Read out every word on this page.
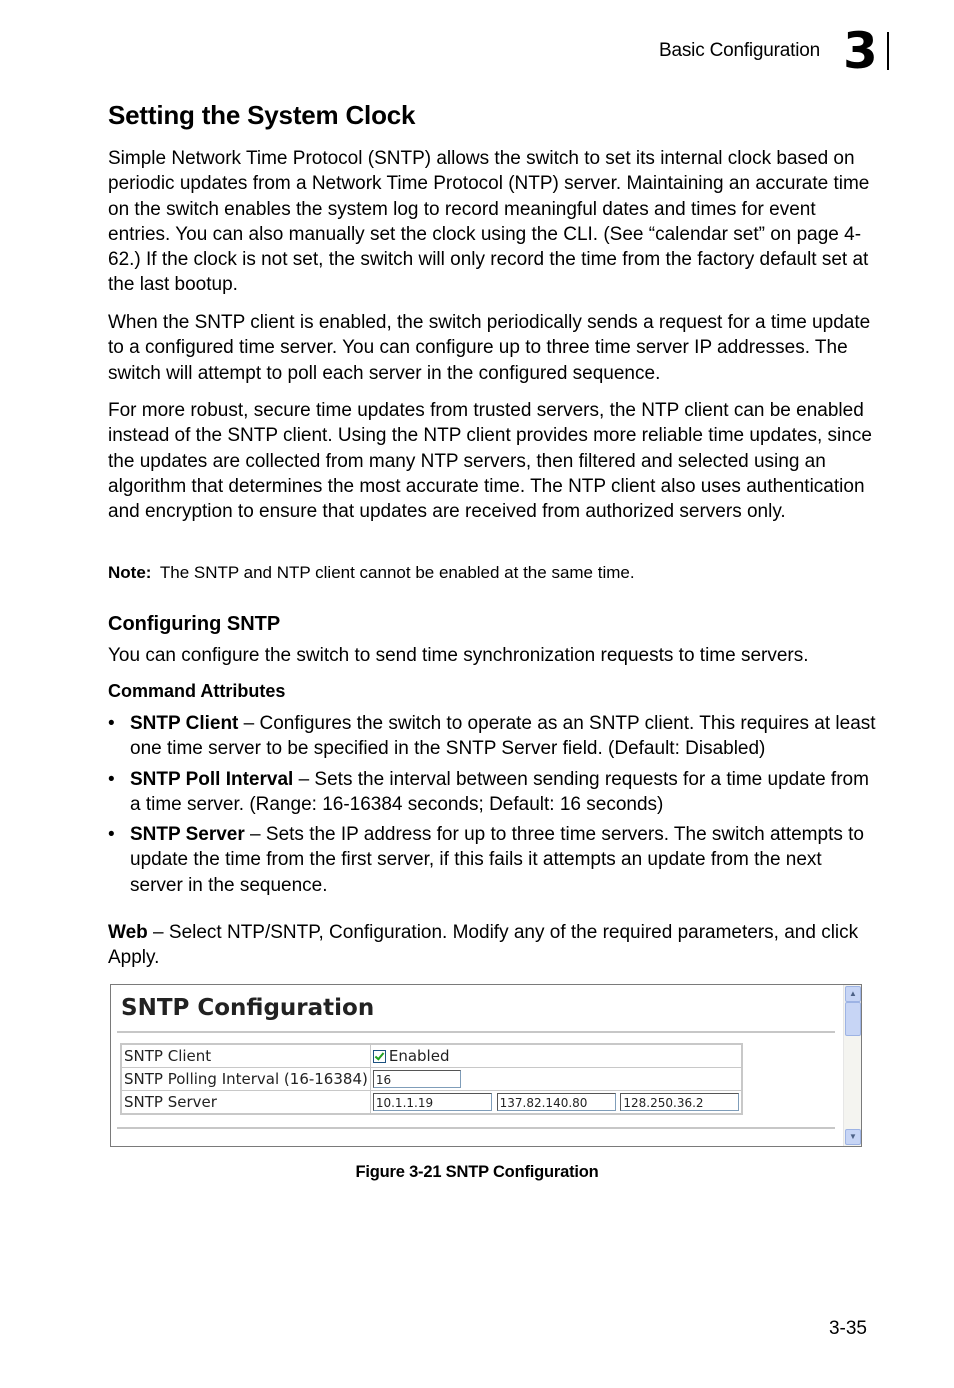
Basic Configuration 3
Setting the System Clock

Simple Network Time Protocol (SNTP) allows the switch to set its internal clock based on periodic updates from a Network Time Protocol (NTP) server. Maintaining an accurate time on the switch enables the system log to record meaningful dates and times for event entries. You can also manually set the clock using the CLI. (See “calendar set” on page 4-62.) If the clock is not set, the switch will only record the time from the factory default set at the last bootup.

When the SNTP client is enabled, the switch periodically sends a request for a time update to a configured time server. You can configure up to three time server IP addresses. The switch will attempt to poll each server in the configured sequence.

For more robust, secure time updates from trusted servers, the NTP client can be enabled instead of the SNTP client. Using the NTP client provides more reliable time updates, since the updates are collected from many NTP servers, then filtered and selected using an algorithm that determines the most accurate time. The NTP client also uses authentication and encryption to ensure that updates are received from authorized servers only.

Note: The SNTP and NTP client cannot be enabled at the same time.
Configuring SNTP

You can configure the switch to send time synchronization requests to time servers.

Command Attributes
• SNTP Client – Configures the switch to operate as an SNTP client. This requires at least one time server to be specified in the SNTP Server field. (Default: Disabled)
• SNTP Poll Interval – Sets the interval between sending requests for a time update from a time server. (Range: 16-16384 seconds; Default: 16 seconds)
• SNTP Server – Sets the IP address for up to three time servers. The switch attempts to update the time from the first server, if this fails it attempts an update from the next server in the sequence.

Web – Select NTP/SNTP, Configuration. Modify any of the required parameters, and click Apply.

SNTP Configuration
SNTP Client	Enabled
SNTP Polling Interval (16-16384)	16
SNTP Server	10.1.1.19 137.82.140.80 128.250.36.2
▲
▼
Figure 3-21 SNTP Configuration
3-35
